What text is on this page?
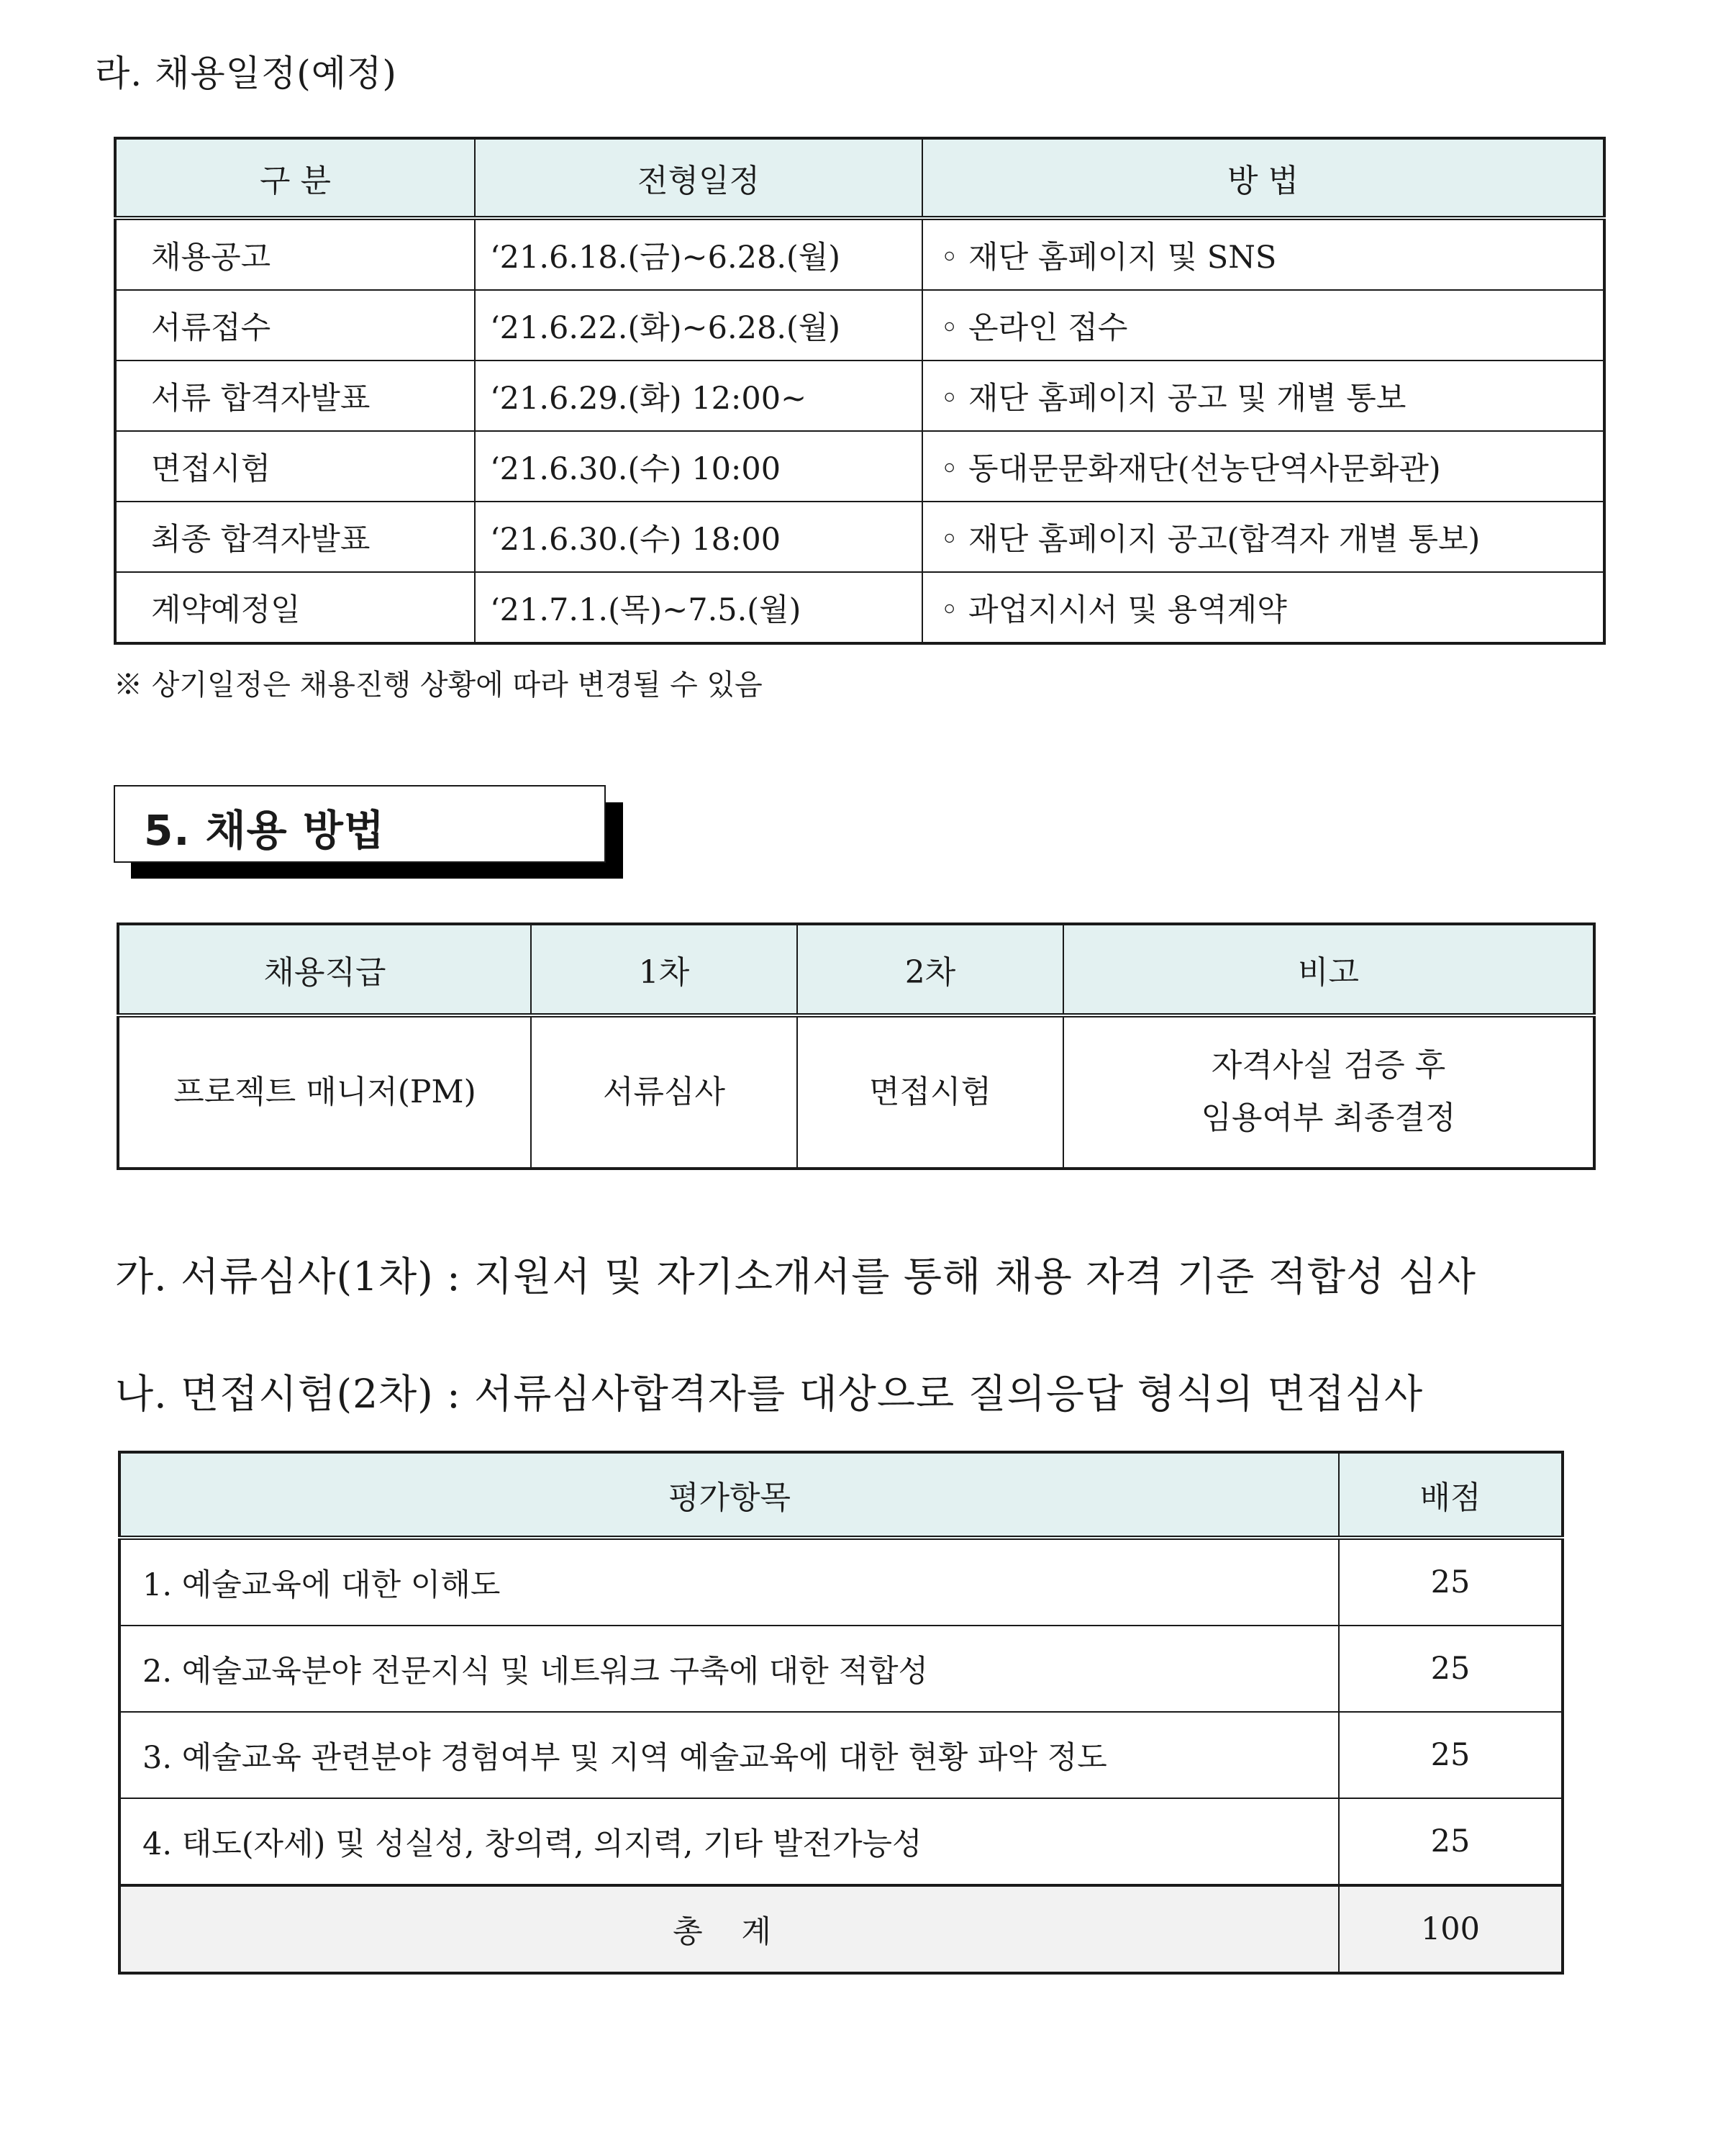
라. 채용일정(예정)
구 분	전형일정	방 법
채용공고	‘21.6.18.(금)~6.28.(월)	◦ 재단 홈페이지 및 SNS
서류접수	‘21.6.22.(화)~6.28.(월)	◦ 온라인 접수
서류 합격자발표	‘21.6.29.(화) 12:00~	◦ 재단 홈페이지 공고 및 개별 통보
면접시험	‘21.6.30.(수) 10:00	◦ 동대문문화재단(선농단역사문화관)
최종 합격자발표	‘21.6.30.(수) 18:00	◦ 재단 홈페이지 공고(합격자 개별 통보)
계약예정일	‘21.7.1.(목)~7.5.(월)	◦ 과업지시서 및 용역계약
※ 상기일정은 채용진행 상황에 따라 변경될 수 있음
5. 채용 방법
채용직급	1차	2차	비고
프로젝트 매니저(PM)	서류심사	면접시험	자격사실 검증 후
임용여부 최종결정
가. 서류심사(1차) : 지원서 및 자기소개서를 통해 채용 자격 기준 적합성 심사
나. 면접시험(2차) : 서류심사합격자를 대상으로 질의응답 형식의 면접심사
평가항목	배점
1. 예술교육에 대한 이해도	25
2. 예술교육분야 전문지식 및 네트워크 구축에 대한 적합성	25
3. 예술교육 관련분야 경험여부 및 지역 예술교육에 대한 현황 파악 정도	25
4. 태도(자세) 및 성실성, 창의력, 의지력, 기타 발전가능성	25
총 계	100
